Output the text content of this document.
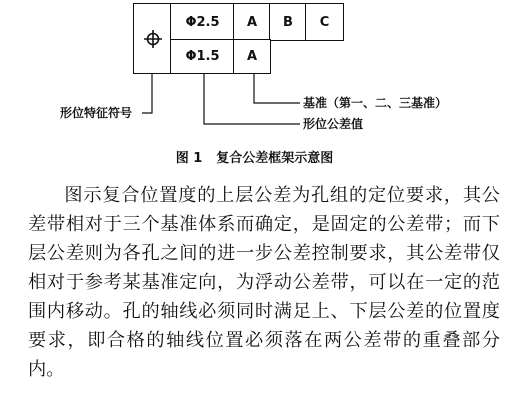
Φ2.5	A	B	C
Φ1.5	A
形位特征符号
基准（第一、二、三基准）
形位公差值
图 1 复合公差框架示意图

图示复合位置度的上层公差为孔组的定位要求，其公差带相对于三个基准体系而确定，是固定的公差带；而下层公差则为各孔之间的进一步公差控制要求，其公差带仅相对于参考某基准定向，为浮动公差带，可以在一定的范围内移动。孔的轴线必须同时满足上、下层公差的位置度要求，即合格的轴线位置必须落在两公差带的重叠部分内。
